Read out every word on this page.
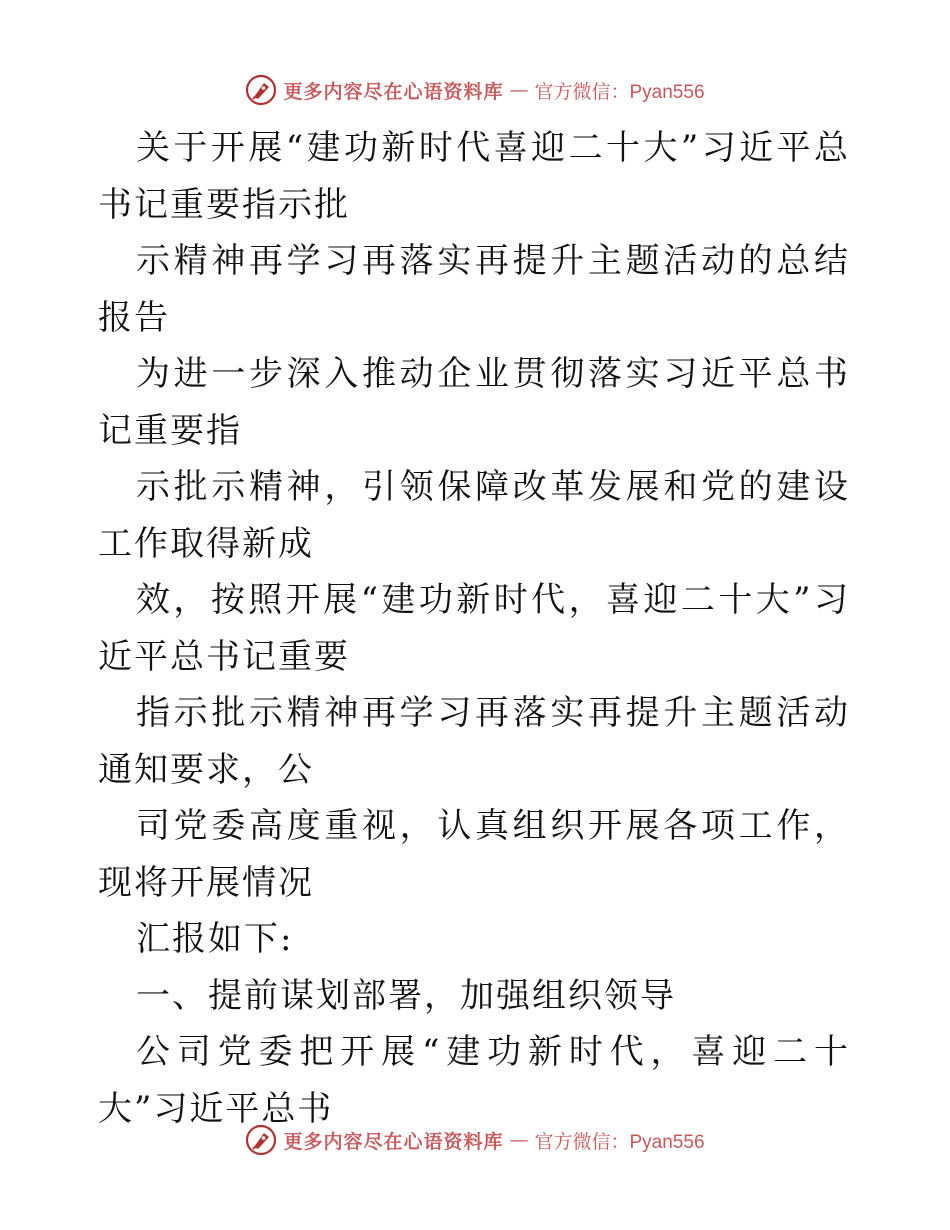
更多内容尽在心语资料库 — 官方微信：Pyan556

关于开展“建功新时代喜迎二十大”习近平总书记重要指示批

示精神再学习再落实再提升主题活动的总结报告

为进一步深入推动企业贯彻落实习近平总书记重要指

示批示精神，引领保障改革发展和党的建设工作取得新成

效，按照开展“建功新时代，喜迎二十大”习近平总书记重要

指示批示精神再学习再落实再提升主题活动通知要求，公

司党委高度重视，认真组织开展各项工作，现将开展情况

汇报如下:

一、提前谋划部署，加强组织领导

公司党委把开展“建功新时代，喜迎二十大”习近平总书

更多内容尽在心语资料库 — 官方微信：Pyan556
